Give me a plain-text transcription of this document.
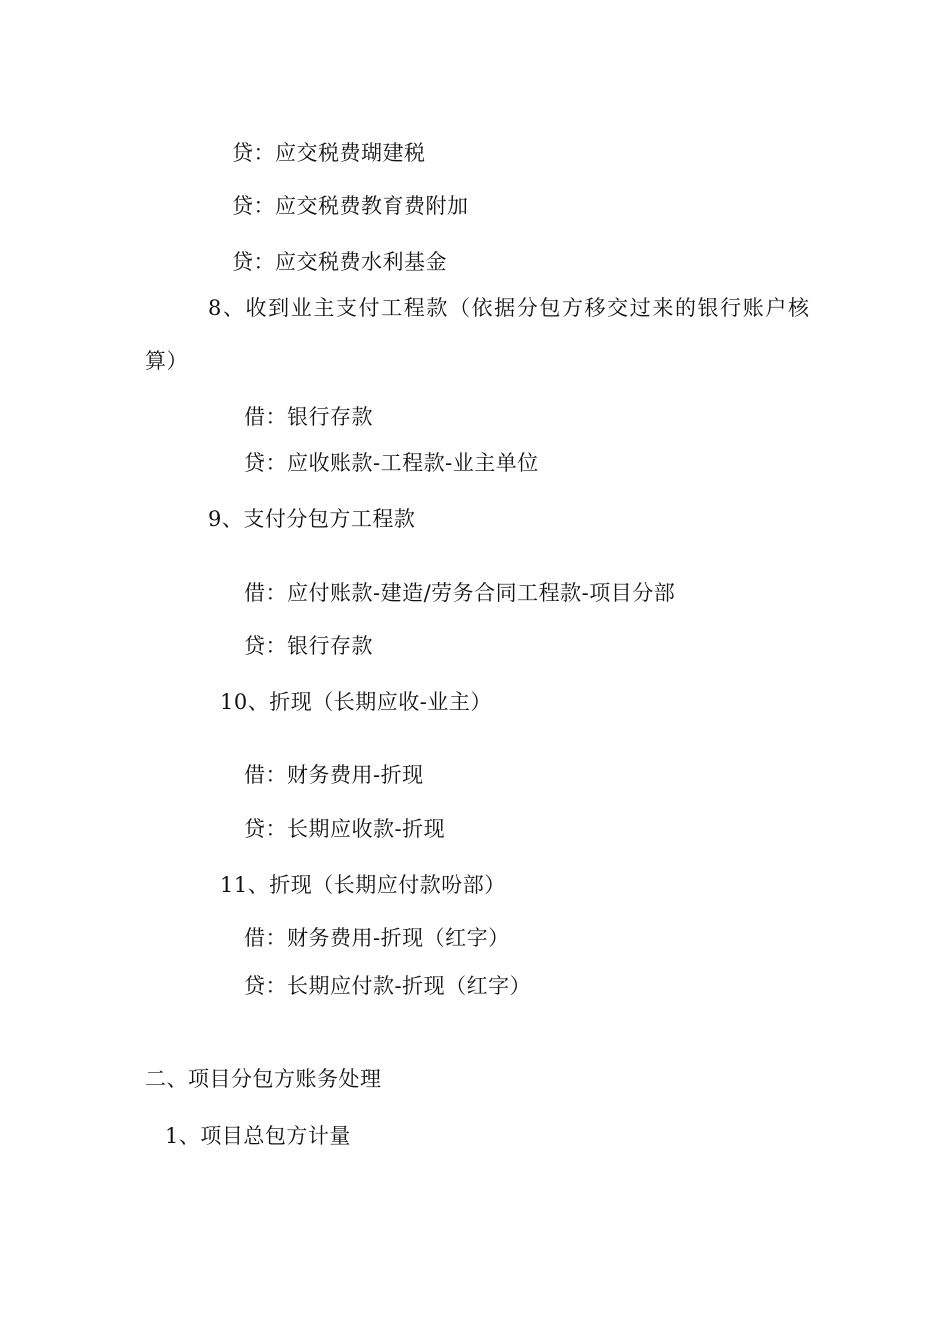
贷：应交税费瑚建税
贷：应交税费教育费附加
贷：应交税费水利基金
8、收到业主支付工程款（依据分包方移交过来的银行账户核
算）
借：银行存款
贷：应收账款-工程款-业主单位
9、支付分包方工程款
借：应付账款-建造/劳务合同工程款-项目分部
贷：银行存款
10、折现（长期应收-业主）
借：财务费用-折现
贷：长期应收款-折现
11、折现（长期应付款吩部）
借：财务费用-折现（红字）
贷：长期应付款-折现（红字）
二、项目分包方账务处理
1、项目总包方计量
